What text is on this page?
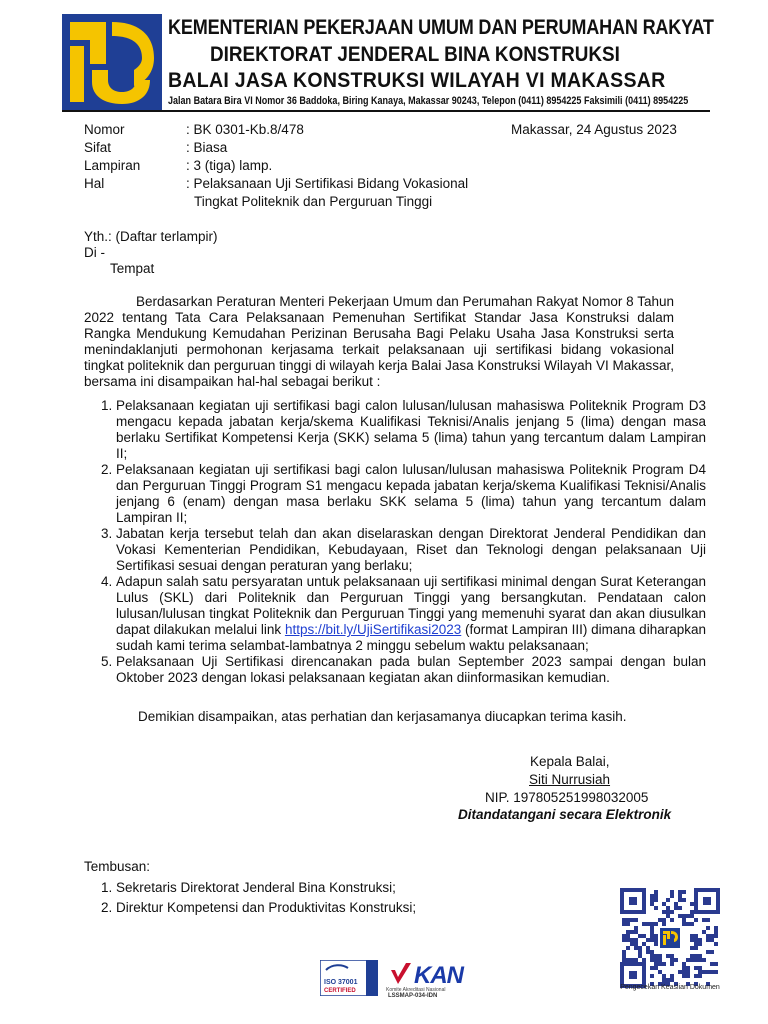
KEMENTERIAN PEKERJAAN UMUM DAN PERUMAHAN RAKYAT
DIREKTORAT JENDERAL BINA KONSTRUKSI
BALAI JASA KONSTRUKSI WILAYAH VI MAKASSAR
Jalan Batara Bira VI Nomor 36 Baddoka, Biring Kanaya, Makassar 90243, Telepon (0411) 8954225 Faksimili (0411) 8954225
Nomor	: BK 0301-Kb.8/478	Makassar, 24 Agustus 2023
Sifat	: Biasa
Lampiran	: 3 (tiga) lamp.
Hal	: Pelaksanaan Uji Sertifikasi Bidang Vokasional
Tingkat Politeknik dan Perguruan Tinggi
Yth.: (Daftar terlampir)
Di -
Tempat
Berdasarkan Peraturan Menteri Pekerjaan Umum dan Perumahan Rakyat Nomor 8 Tahun 2022 tentang Tata Cara Pelaksanaan Pemenuhan Sertifikat Standar Jasa Konstruksi dalam Rangka Mendukung Kemudahan Perizinan Berusaha Bagi Pelaku Usaha Jasa Konstruksi serta menindaklanjuti permohonan kerjasama terkait pelaksanaan uji sertifikasi bidang vokasional tingkat politeknik dan perguruan tinggi di wilayah kerja Balai Jasa Konstruksi Wilayah VI Makassar, bersama ini disampaikan hal-hal sebagai berikut :
1. Pelaksanaan kegiatan uji sertifikasi bagi calon lulusan/lulusan mahasiswa Politeknik Program D3 mengacu kepada jabatan kerja/skema Kualifikasi Teknisi/Analis jenjang 5 (lima) dengan masa berlaku Sertifikat Kompetensi Kerja (SKK) selama 5 (lima) tahun yang tercantum dalam Lampiran II;
2. Pelaksanaan kegiatan uji sertifikasi bagi calon lulusan/lulusan mahasiswa Politeknik Program D4 dan Perguruan Tinggi Program S1 mengacu kepada jabatan kerja/skema Kualifikasi Teknisi/Analis jenjang 6 (enam) dengan masa berlaku SKK selama 5 (lima) tahun yang tercantum dalam Lampiran II;
3. Jabatan kerja tersebut telah dan akan diselaraskan dengan Direktorat Jenderal Pendidikan dan Vokasi Kementerian Pendidikan, Kebudayaan, Riset dan Teknologi dengan pelaksanaan Uji Sertifikasi sesuai dengan peraturan yang berlaku;
4. Adapun salah satu persyaratan untuk pelaksanaan uji sertifikasi minimal dengan Surat Keterangan Lulus (SKL) dari Politeknik dan Perguruan Tinggi yang bersangkutan. Pendataan calon lulusan/lulusan tingkat Politeknik dan Perguruan Tinggi yang memenuhi syarat dan akan diusulkan dapat dilakukan melalui link https://bit.ly/UjiSertifikasi2023 (format Lampiran III) dimana diharapkan sudah kami terima selambat-lambatnya 2 minggu sebelum waktu pelaksanaan;
5. Pelaksanaan Uji Sertifikasi direncanakan pada bulan September 2023 sampai dengan bulan Oktober 2023 dengan lokasi pelaksanaan kegiatan akan diinformasikan kemudian.
Demikian disampaikan, atas perhatian dan kerjasamanya diucapkan terima kasih.
Kepala Balai,
Siti Nurrusiah
NIP. 197805251998032005
Ditandatangani secara Elektronik
Tembusan:
1. Sekretaris Direktorat Jenderal Bina Konstruksi;
2. Direktur Kompetensi dan Produktivitas Konstruksi;
Pengecekan Keaslian Dokumen
ISO 37001
CERTIFIED
KAN
Komite Akreditasi Nasional
LSSMAP-034-IDN
